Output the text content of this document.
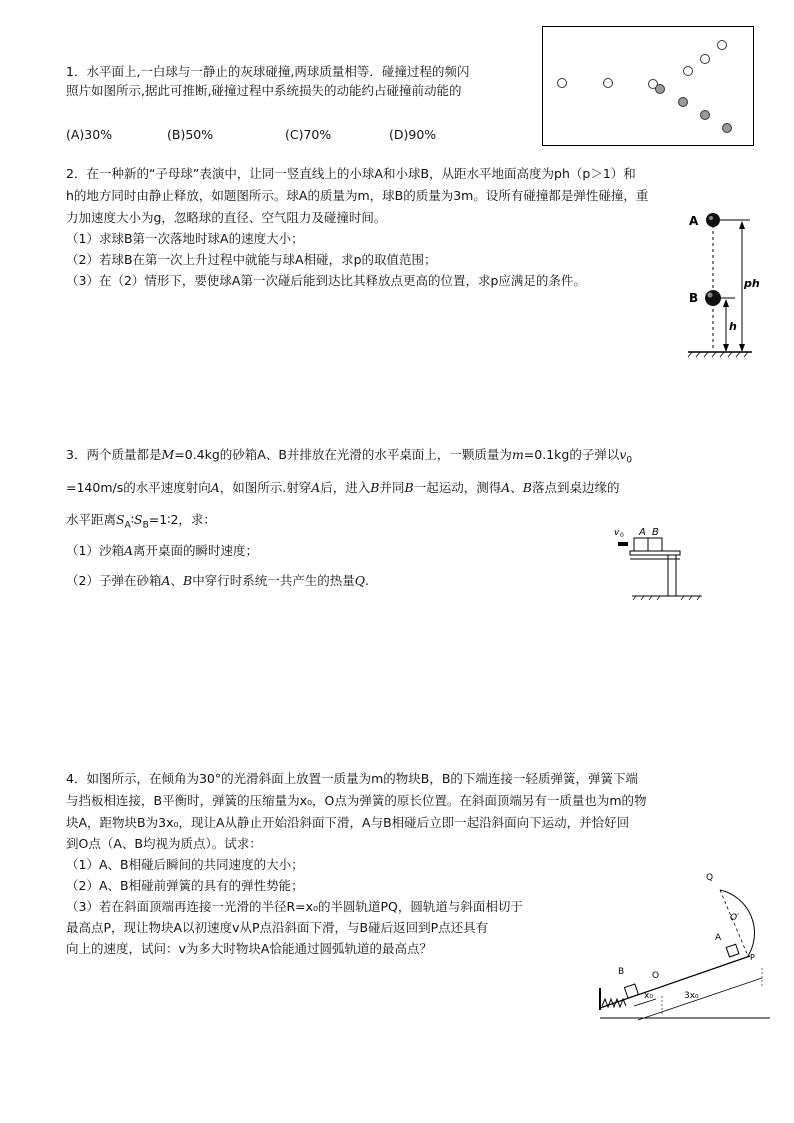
1．水平面上,一白球与一静止的灰球碰撞,两球质量相等．碰撞过程的频闪
照片如图所示,据此可推断,碰撞过程中系统损失的动能约占碰撞前动能的
(A)30%	(B)50%	(C)70%	(D)90%
2．在一种新的“子母球”表演中，让同一竖直线上的小球A和小球B，从距水平地面高度为ph（p＞1）和
h的地方同时由静止释放，如题图所示。球A的质量为m，球B的质量为3m。设所有碰撞都是弹性碰撞，重
力加速度大小为g，忽略球的直径、空气阻力及碰撞时间。
（1）求球B第一次落地时球A的速度大小；
（2）若球B在第一次上升过程中就能与球A相碰，求p的取值范围；
（3）在（2）情形下，要使球A第一次碰后能到达比其释放点更高的位置，求p应满足的条件。
A
B
ph
h
3．两个质量都是M=0.4kg的砂箱A、B并排放在光滑的水平桌面上，一颗质量为m=0.1kg的子弹以$v_0$
=140m/s的水平速度射向A，如图所示.射穿A后，进入B并同B一起运动，测得A、B落点到桌边缘的
水平距离$S_A∶S_B=1∶2$，求：
（1）沙箱A离开桌面的瞬时速度；
（2）子弹在砂箱A、B中穿行时系统一共产生的热量Q.
v 0 A B
4．如图所示，在倾角为30°的光滑斜面上放置一质量为m的物块B，B的下端连接一轻质弹簧，弹簧下端
与挡板相连接，B平衡时，弹簧的压缩量为x₀，O点为弹簧的原长位置。在斜面顶端另有一质量也为m的物
块A，距物块B为3x₀，现让A从静止开始沿斜面下滑，A与B相碰后立即一起沿斜面向下运动，并恰好回
到O点（A、B均视为质点）。试求：
（1）A、B相碰后瞬间的共同速度的大小；
（2）A、B相碰前弹簧的具有的弹性势能；
（3）若在斜面顶端再连接一光滑的半径R=x₀的半圆轨道PQ，圆轨道与斜面相切于
最高点P，现让物块A以初速度v从P点沿斜面下滑，与B碰后返回到P点还具有
向上的速度，试问：v为多大时物块A恰能通过圆弧轨道的最高点？
Q
O′
P
A
B	O
x₀	3x₀
